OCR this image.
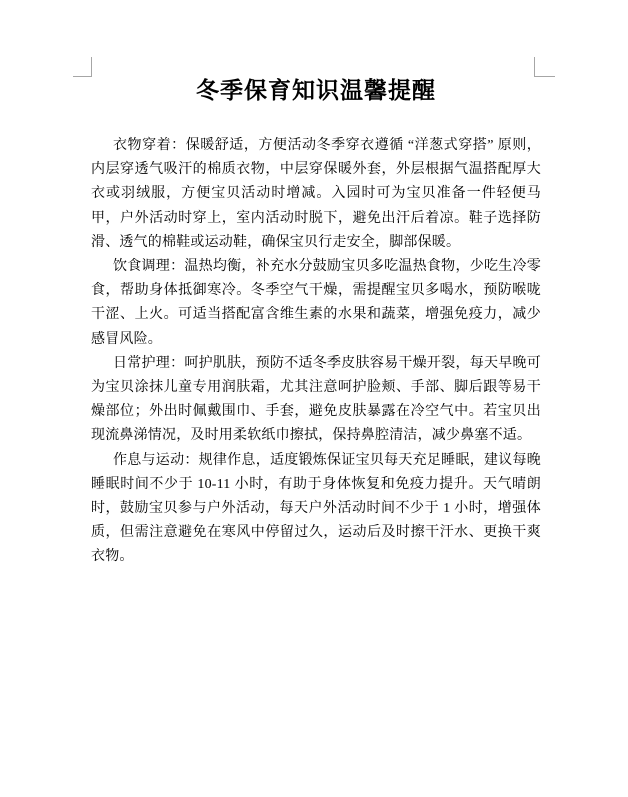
冬季保育知识温馨提醒

衣物穿着：保暖舒适，方便活动冬季穿衣遵循 “洋葱式穿搭” 原则，内层穿透气吸汗的棉质衣物，中层穿保暖外套，外层根据气温搭配厚大衣或羽绒服，方便宝贝活动时增减。入园时可为宝贝准备一件轻便马甲，户外活动时穿上，室内活动时脱下，避免出汗后着凉。鞋子选择防滑、透气的棉鞋或运动鞋，确保宝贝行走安全，脚部保暖。

饮食调理：温热均衡，补充水分鼓励宝贝多吃温热食物，少吃生冷零食，帮助身体抵御寒冷。冬季空气干燥，需提醒宝贝多喝水，预防喉咙干涩、上火。可适当搭配富含维生素的水果和蔬菜，增强免疫力，减少感冒风险。

日常护理：呵护肌肤，预防不适冬季皮肤容易干燥开裂，每天早晚可为宝贝涂抹儿童专用润肤霜，尤其注意呵护脸颊、手部、脚后跟等易干燥部位；外出时佩戴围巾、手套，避免皮肤暴露在冷空气中。若宝贝出现流鼻涕情况，及时用柔软纸巾擦拭，保持鼻腔清洁，减少鼻塞不适。

作息与运动：规律作息，适度锻炼保证宝贝每天充足睡眠，建议每晚睡眠时间不少于 10-11 小时，有助于身体恢复和免疫力提升。天气晴朗时，鼓励宝贝参与户外活动，每天户外活动时间不少于 1 小时，增强体质，但需注意避免在寒风中停留过久，运动后及时擦干汗水、更换干爽衣物。
